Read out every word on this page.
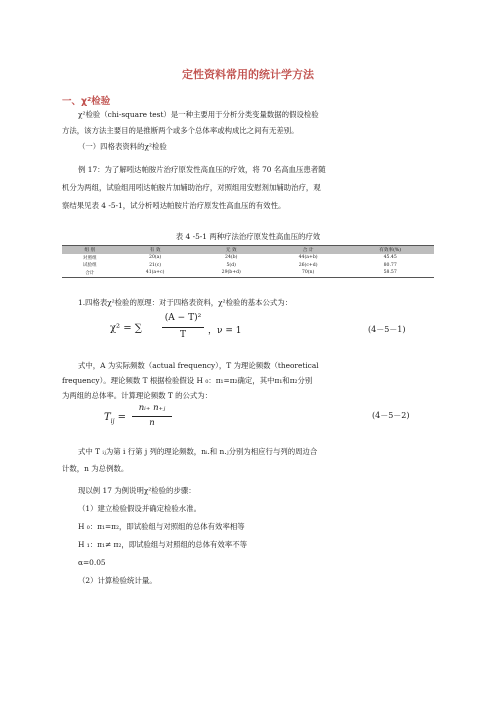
定性资料常用的统计学方法
一、χ²检验
χ²检验（chi-square test）是一种主要用于分析分类变量数据的假设检验
方法，该方法主要目的是推断两个或多个总体率或构成比之间有无差别。
（一）四格表资料的χ²检验
例 17：为了解吲达帕胺片治疗原发性高血压的疗效，将 70 名高血压患者随
机分为两组，试验组用吲达帕胺片加辅助治疗，对照组用安慰剂加辅助治疗，观
察结果见表 4 -5-1，试分析吲达帕胺片治疗原发性高血压的有效性。
表 4 -5-1 两种疗法治疗原发性高血压的疗效
组 别	有 效	无 效	合 计	有效率(%)
对照组	20(a)	24(b)	44(a+b)	45.45
试验组	21(c)	5(d)	26(c+d)	80.77
合计	41(a+c)	29(b+d)	70(n)	58.57
1.四格表χ²检验的原理：对于四格表资料，χ²检验的基本公式为：
χ² = ∑
(A − T)²
T	，ν = 1	(4－5－1)
式中，A 为实际频数（actual frequency），T 为理论频数（theoretical
frequency）。理论频数 T 根据检验假设 H ₀：π₁=π₂确定，其中π₁和π₂分别
为两组的总体率。计算理论频数 T 的公式为：
$T_{ij}$ =
nᵢ₊ n₊ⱼ
n
(4－5－2)
式中 T ᵢⱼ为第 i 行第 j 列的理论频数，nᵢ.和 n.ⱼ分别为相应行与列的周边合
计数，n 为总例数。
现以例 17 为例说明χ²检验的步骤：
（1）建立检验假设并确定检验水准。
H ₀：π₁=π₂，即试验组与对照组的总体有效率相等
H ₁：π₁≠ π₂，即试验组与对照组的总体有效率不等
α=0.05
（2）计算检验统计量。
